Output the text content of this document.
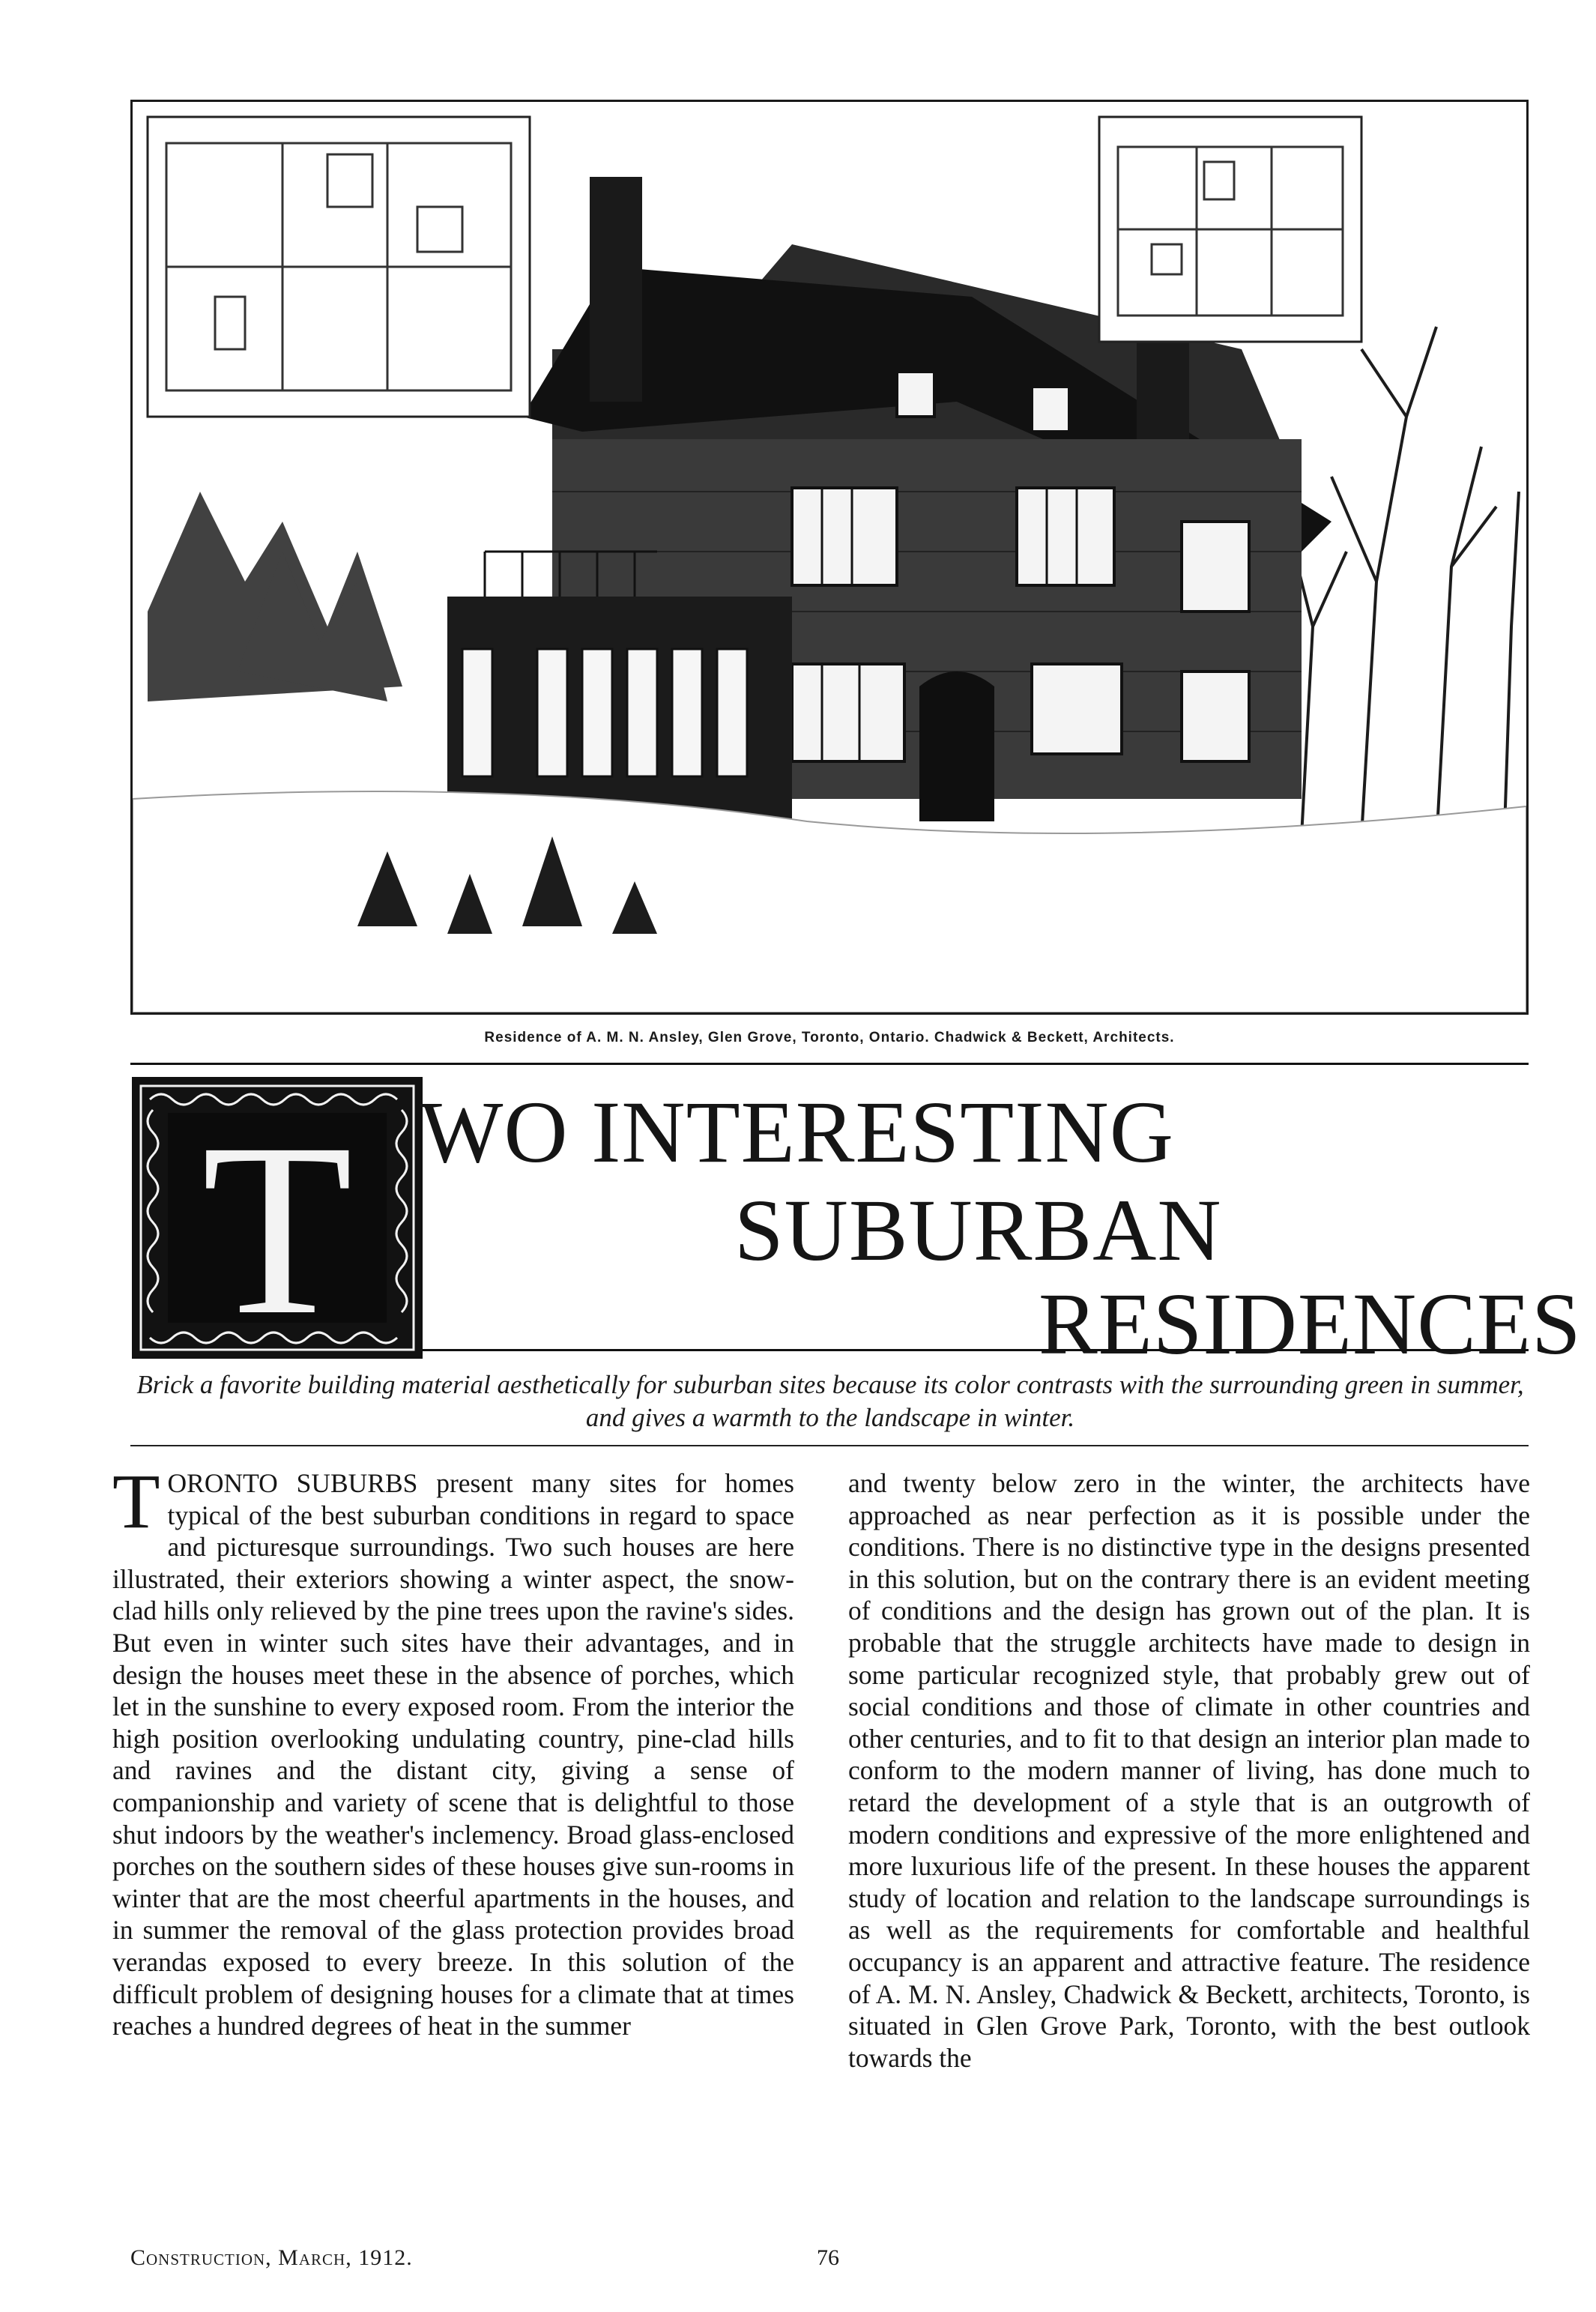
Residence of A. M. N. Ansley, Glen Grove, Toronto, Ontario. Chadwick & Beckett, Architects.
T WO INTERESTING
SUBURBAN
RESIDENCES
Brick a favorite building material aesthetically for suburban sites because its color contrasts with the surrounding green in summer, and gives a warmth to the landscape in winter.

TORONTO SUBURBS present many sites for homes typical of the best suburban conditions in regard to space and picturesque surroundings. Two such houses are here illustrated, their exteriors showing a winter aspect, the snow-clad hills only relieved by the pine trees upon the ravine's sides. But even in winter such sites have their advantages, and in design the houses meet these in the absence of porches, which let in the sunshine to every exposed room. From the interior the high position overlooking undulating country, pine-clad hills and ravines and the distant city, giving a sense of companionship and variety of scene that is delightful to those shut indoors by the weather's inclemency. Broad glass-enclosed porches on the southern sides of these houses give sun-rooms in winter that are the most cheerful apartments in the houses, and in summer the removal of the glass protection provides broad verandas exposed to every breeze. In this solution of the difficult problem of designing houses for a climate that at times reaches a hundred degrees of heat in the summer

and twenty below zero in the winter, the architects have approached as near perfection as it is possible under the conditions. There is no distinctive type in the designs presented in this solution, but on the contrary there is an evident meeting of conditions and the design has grown out of the plan. It is probable that the struggle architects have made to design in some particular recognized style, that probably grew out of social conditions and those of climate in other countries and other centuries, and to fit to that design an interior plan made to conform to the modern manner of living, has done much to retard the development of a style that is an outgrowth of modern conditions and expressive of the more enlightened and more luxurious life of the present. In these houses the apparent study of location and relation to the landscape surroundings is as well as the requirements for comfortable and healthful occupancy is an apparent and attractive feature. The residence of A. M. N. Ansley, Chadwick & Beckett, architects, Toronto, is situated in Glen Grove Park, Toronto, with the best outlook towards the

Construction, March, 1912.	76
